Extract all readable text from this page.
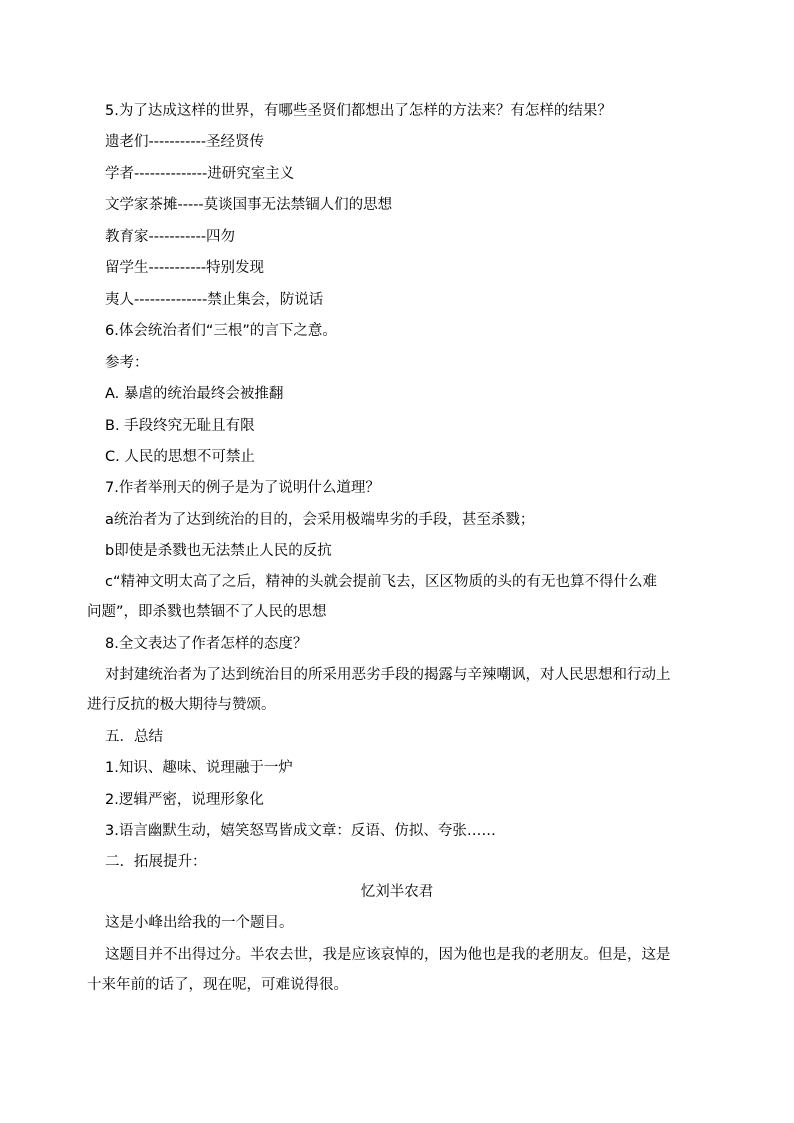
5.为了达成这样的世界，有哪些圣贤们都想出了怎样的方法来？有怎样的结果？
遗老们-----------圣经贤传
学者--------------进研究室主义
文学家茶摊-----莫谈国事无法禁锢人们的思想
教育家-----------四勿
留学生-----------特别发现
夷人--------------禁止集会，防说话
6.体会统治者们“三根”的言下之意。
参考：
A. 暴虐的统治最终会被推翻
B. 手段终究无耻且有限
C. 人民的思想不可禁止
7.作者举刑天的例子是为了说明什么道理？
a统治者为了达到统治的目的，会采用极端卑劣的手段，甚至杀戮；
b即使是杀戮也无法禁止人民的反抗
c“精神文明太高了之后，精神的头就会提前飞去，区区物质的头的有无也算不得什么难
问题”，即杀戮也禁锢不了人民的思想
8.全文表达了作者怎样的态度？
对封建统治者为了达到统治目的所采用恶劣手段的揭露与辛辣嘲讽，对人民思想和行动上
进行反抗的极大期待与赞颂。
五．总结
1.知识、趣味、说理融于一炉
2.逻辑严密，说理形象化
3.语言幽默生动，嬉笑怒骂皆成文章：反语、仿拟、夸张……
二．拓展提升：
忆刘半农君
这是小峰出给我的一个题目。
这题目并不出得过分。半农去世，我是应该哀悼的，因为他也是我的老朋友。但是，这是
十来年前的话了，现在呢，可难说得很。
